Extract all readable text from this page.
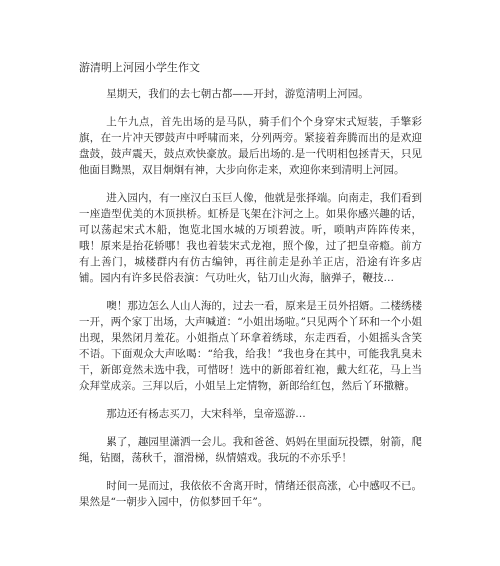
游清明上河园小学生作文

星期天，我们的去七朝古都——开封，游览清明上河园。

上午九点，首先出场的是马队，骑手们个个身穿宋式短装，手擎彩旗，在一片冲天锣鼓声中呼啸而来，分列两旁。紧接着奔腾而出的是欢迎盘鼓，鼓声震天，鼓点欢快豪放。最后出场的.是一代明相包拯青天，只见他面目黝黑，双目炯炯有神，大步向你走来，欢迎你来到清明上河园。

进入园内，有一座汉白玉巨人像，他就是张择端。向南走，我们看到一座造型优美的木顶拱桥。虹桥是飞架在汴河之上。如果你感兴趣的话，可以荡起宋式木船，饱览北国水城的万顷碧波。听，唢呐声阵阵传来，哦！原来是抬花轿哪！我也着装宋式龙袍，照个像，过了把皇帝瘾。前方有上善门，城楼群内有仿古编钟，再往前走是孙羊正店，沿途有许多店铺。园内有许多民俗表演：气功吐火，钻刀山火海，脑弹子，鞭技…

噢！那边怎么人山人海的，过去一看，原来是王员外招婿。二楼绣楼一开，两个家丁出场，大声喊道：“小姐出场啦。”只见两个丫环和一个小姐出现，果然闭月羞花。小姐指点丫环拿着绣球，东走西看，小姐摇头含笑不语。下面观众大声吆喝：“给我，给我！”我也身在其中，可能我乳臭未干，新郎竟然未选中我，可惜呀！选中的新郎着红袍，戴大红花，马上当众拜堂成亲。三拜以后，小姐呈上定情物，新郎给红包，然后丫环撒糖。

那边还有杨志买刀，大宋科举，皇帝巡游…

累了，趣园里潇洒一会儿。我和爸爸、妈妈在里面玩投镖，射箭，爬绳，钻圈，荡秋千，溜滑梯，纵情嬉戏。我玩的不亦乐乎！

时间一晃而过，我依依不舍离开时，情绪还很高涨，心中感叹不已。果然是“一朝步入园中，仿似梦回千年”。
